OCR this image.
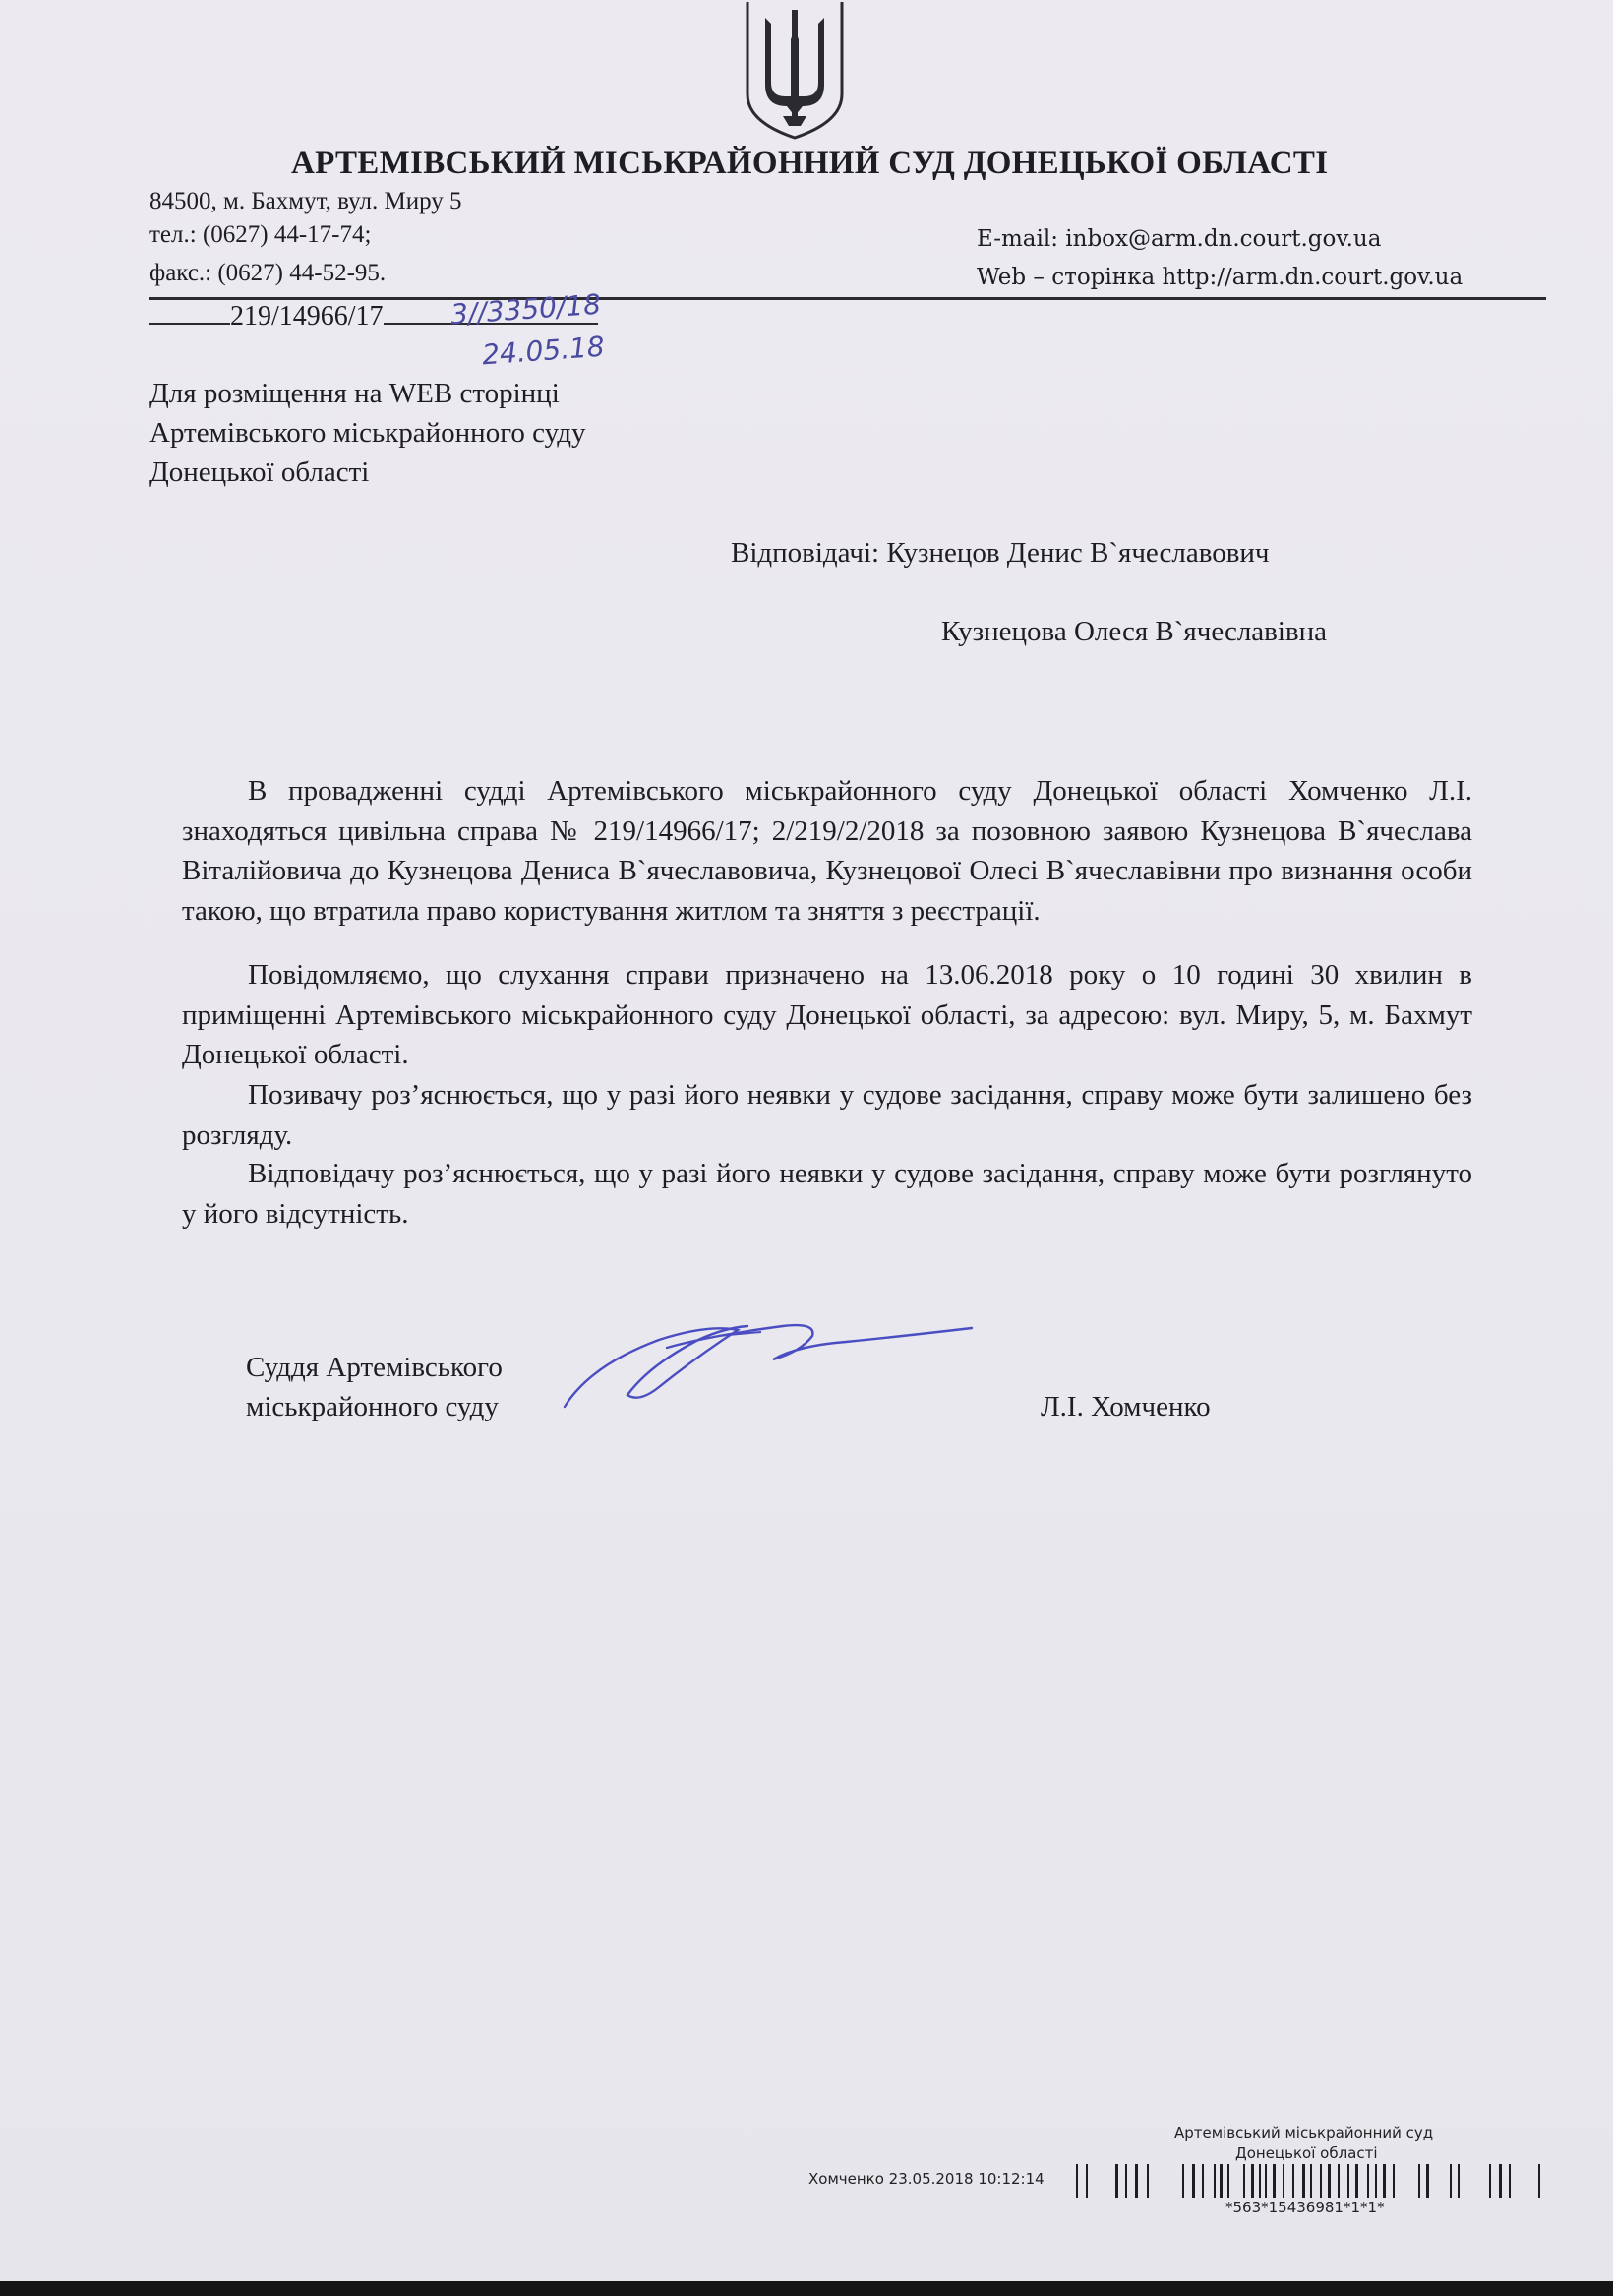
АРТЕМІВСЬКИЙ МІСЬКРАЙОННИЙ СУД ДОНЕЦЬКОЇ ОБЛАСТІ
84500, м. Бахмут, вул. Миру 5
тел.: (0627) 44-17-74;
факс.: (0627) 44-52-95.
E-mail: inbox@arm.dn.court.gov.ua
Web – сторінка http://arm.dn.court.gov.ua
219/14966/17	3//3350/18
24.05.18
Для розміщення на WEB сторінці
Артемівського міськрайонного суду
Донецької області
Відповідачі: Кузнецов Денис В`ячеславович
Кузнецова Олеся В`ячеславівна

В провадженні судді Артемівського міськрайонного суду Донецької області Хомченко Л.І. знаходяться цивільна справа № 219/14966/17; 2/219/2/2018 за позовною заявою Кузнецова В`ячеслава Віталійовича до Кузнецова Дениса В`ячеславовича, Кузнецової Олесі В`ячеславівни про визнання особи такою, що втратила право користування житлом та зняття з реєстрації.

Повідомляємо, що слухання справи призначено на 13.06.2018 року о 10 годині 30 хвилин в приміщенні Артемівського міськрайонного суду Донецької області, за адресою: вул. Миру, 5, м. Бахмут Донецької області.

Позивачу роз’яснюється, що у разі його неявки у судове засідання, справу може бути залишено без розгляду.

Відповідачу роз’яснюється, що у разі його неявки у судове засідання, справу може бути розглянуто у його відсутність.

Суддя Артемівського
міськрайонного суду	Л.І. Хомченко
Артемівський міськрайонний суд
Донецької області
Хомченко 23.05.2018 10:12:14
*563*15436981*1*1*
